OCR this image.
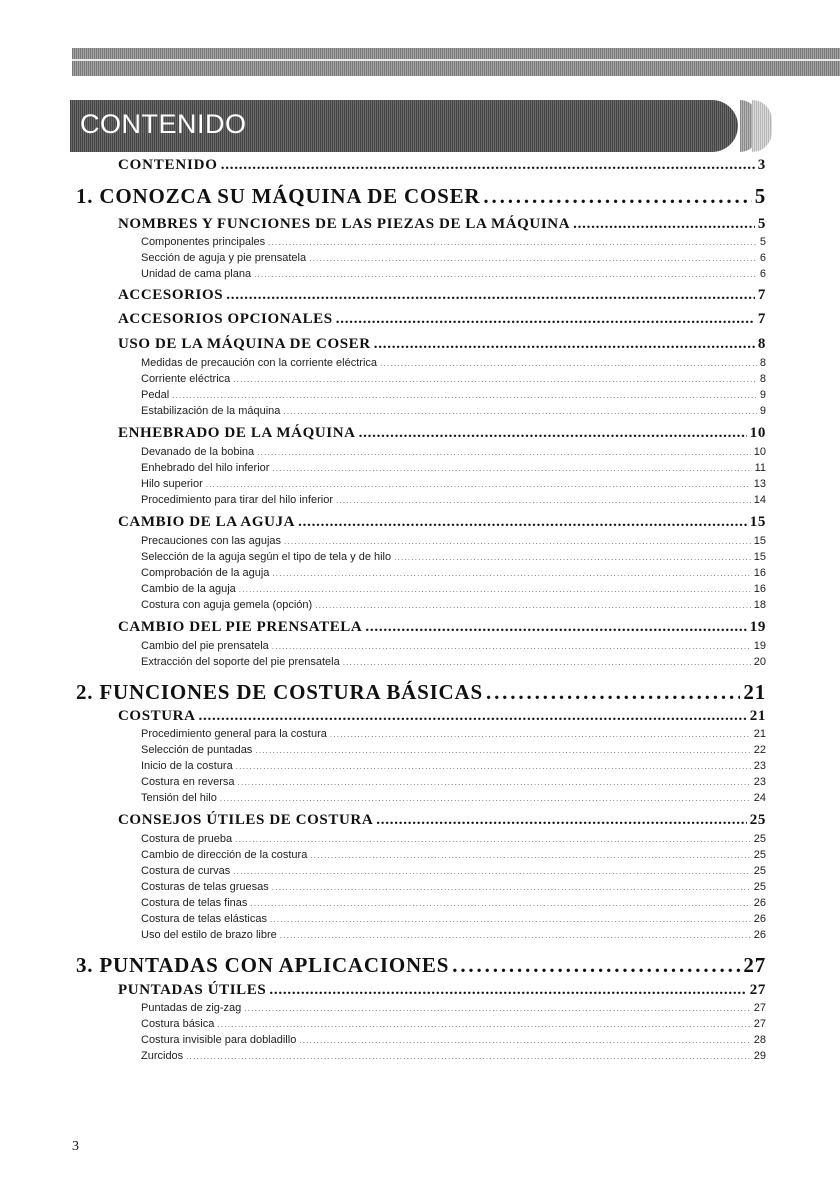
CONTENIDO
CONTENIDO . . .	3
1. CONOZCA SU MÁQUINA DE COSER . . .	5
NOMBRES Y FUNCIONES DE LAS PIEZAS DE LA MÁQUINA . . .	5
Componentes principales . . .	5
Sección de aguja y pie prensatela . . .	6
Unidad de cama plana . . .	6
ACCESORIOS . . .	7
ACCESORIOS OPCIONALES . . .	7
USO DE LA MÁQUINA DE COSER . . .	8
Medidas de precaución con la corriente eléctrica . . .	8
Corriente eléctrica . . .	8
Pedal . . .	9
Estabilización de la máquina . . .	9
ENHEBRADO DE LA MÁQUINA . . .	10
Devanado de la bobina . . .	10
Enhebrado del hilo inferior . . .	11
Hilo superior . . .	13
Procedimiento para tirar del hilo inferior . . .	14
CAMBIO DE LA AGUJA . . .	15
Precauciones con las agujas . . .	15
Selección de la aguja según el tipo de tela y de hilo . . .	15
Comprobación de la aguja . . .	16
Cambio de la aguja . . .	16
Costura con aguja gemela (opción) . . .	18
CAMBIO DEL PIE PRENSATELA . . .	19
Cambio del pie prensatela . . .	19
Extracción del soporte del pie prensatela . . .	20
2. FUNCIONES DE COSTURA BÁSICAS . . .	21
COSTURA . . .	21
Procedimiento general para la costura . . .	21
Selección de puntadas . . .	22
Inicio de la costura . . .	23
Costura en reversa . . .	23
Tensión del hilo . . .	24
CONSEJOS ÚTILES DE COSTURA . . .	25
Costura de prueba . . .	25
Cambio de dirección de la costura . . .	25
Costura de curvas . . .	25
Costuras de telas gruesas . . .	25
Costura de telas finas . . .	26
Costura de telas elásticas . . .	26
Uso del estilo de brazo libre . . .	26
3. PUNTADAS CON APLICACIONES . . .	27
PUNTADAS ÚTILES . . .	27
Puntadas de zig-zag . . .	27
Costura básica . . .	27
Costura invisible para dobladillo . . .	28
Zurcidos . . .	29
3
